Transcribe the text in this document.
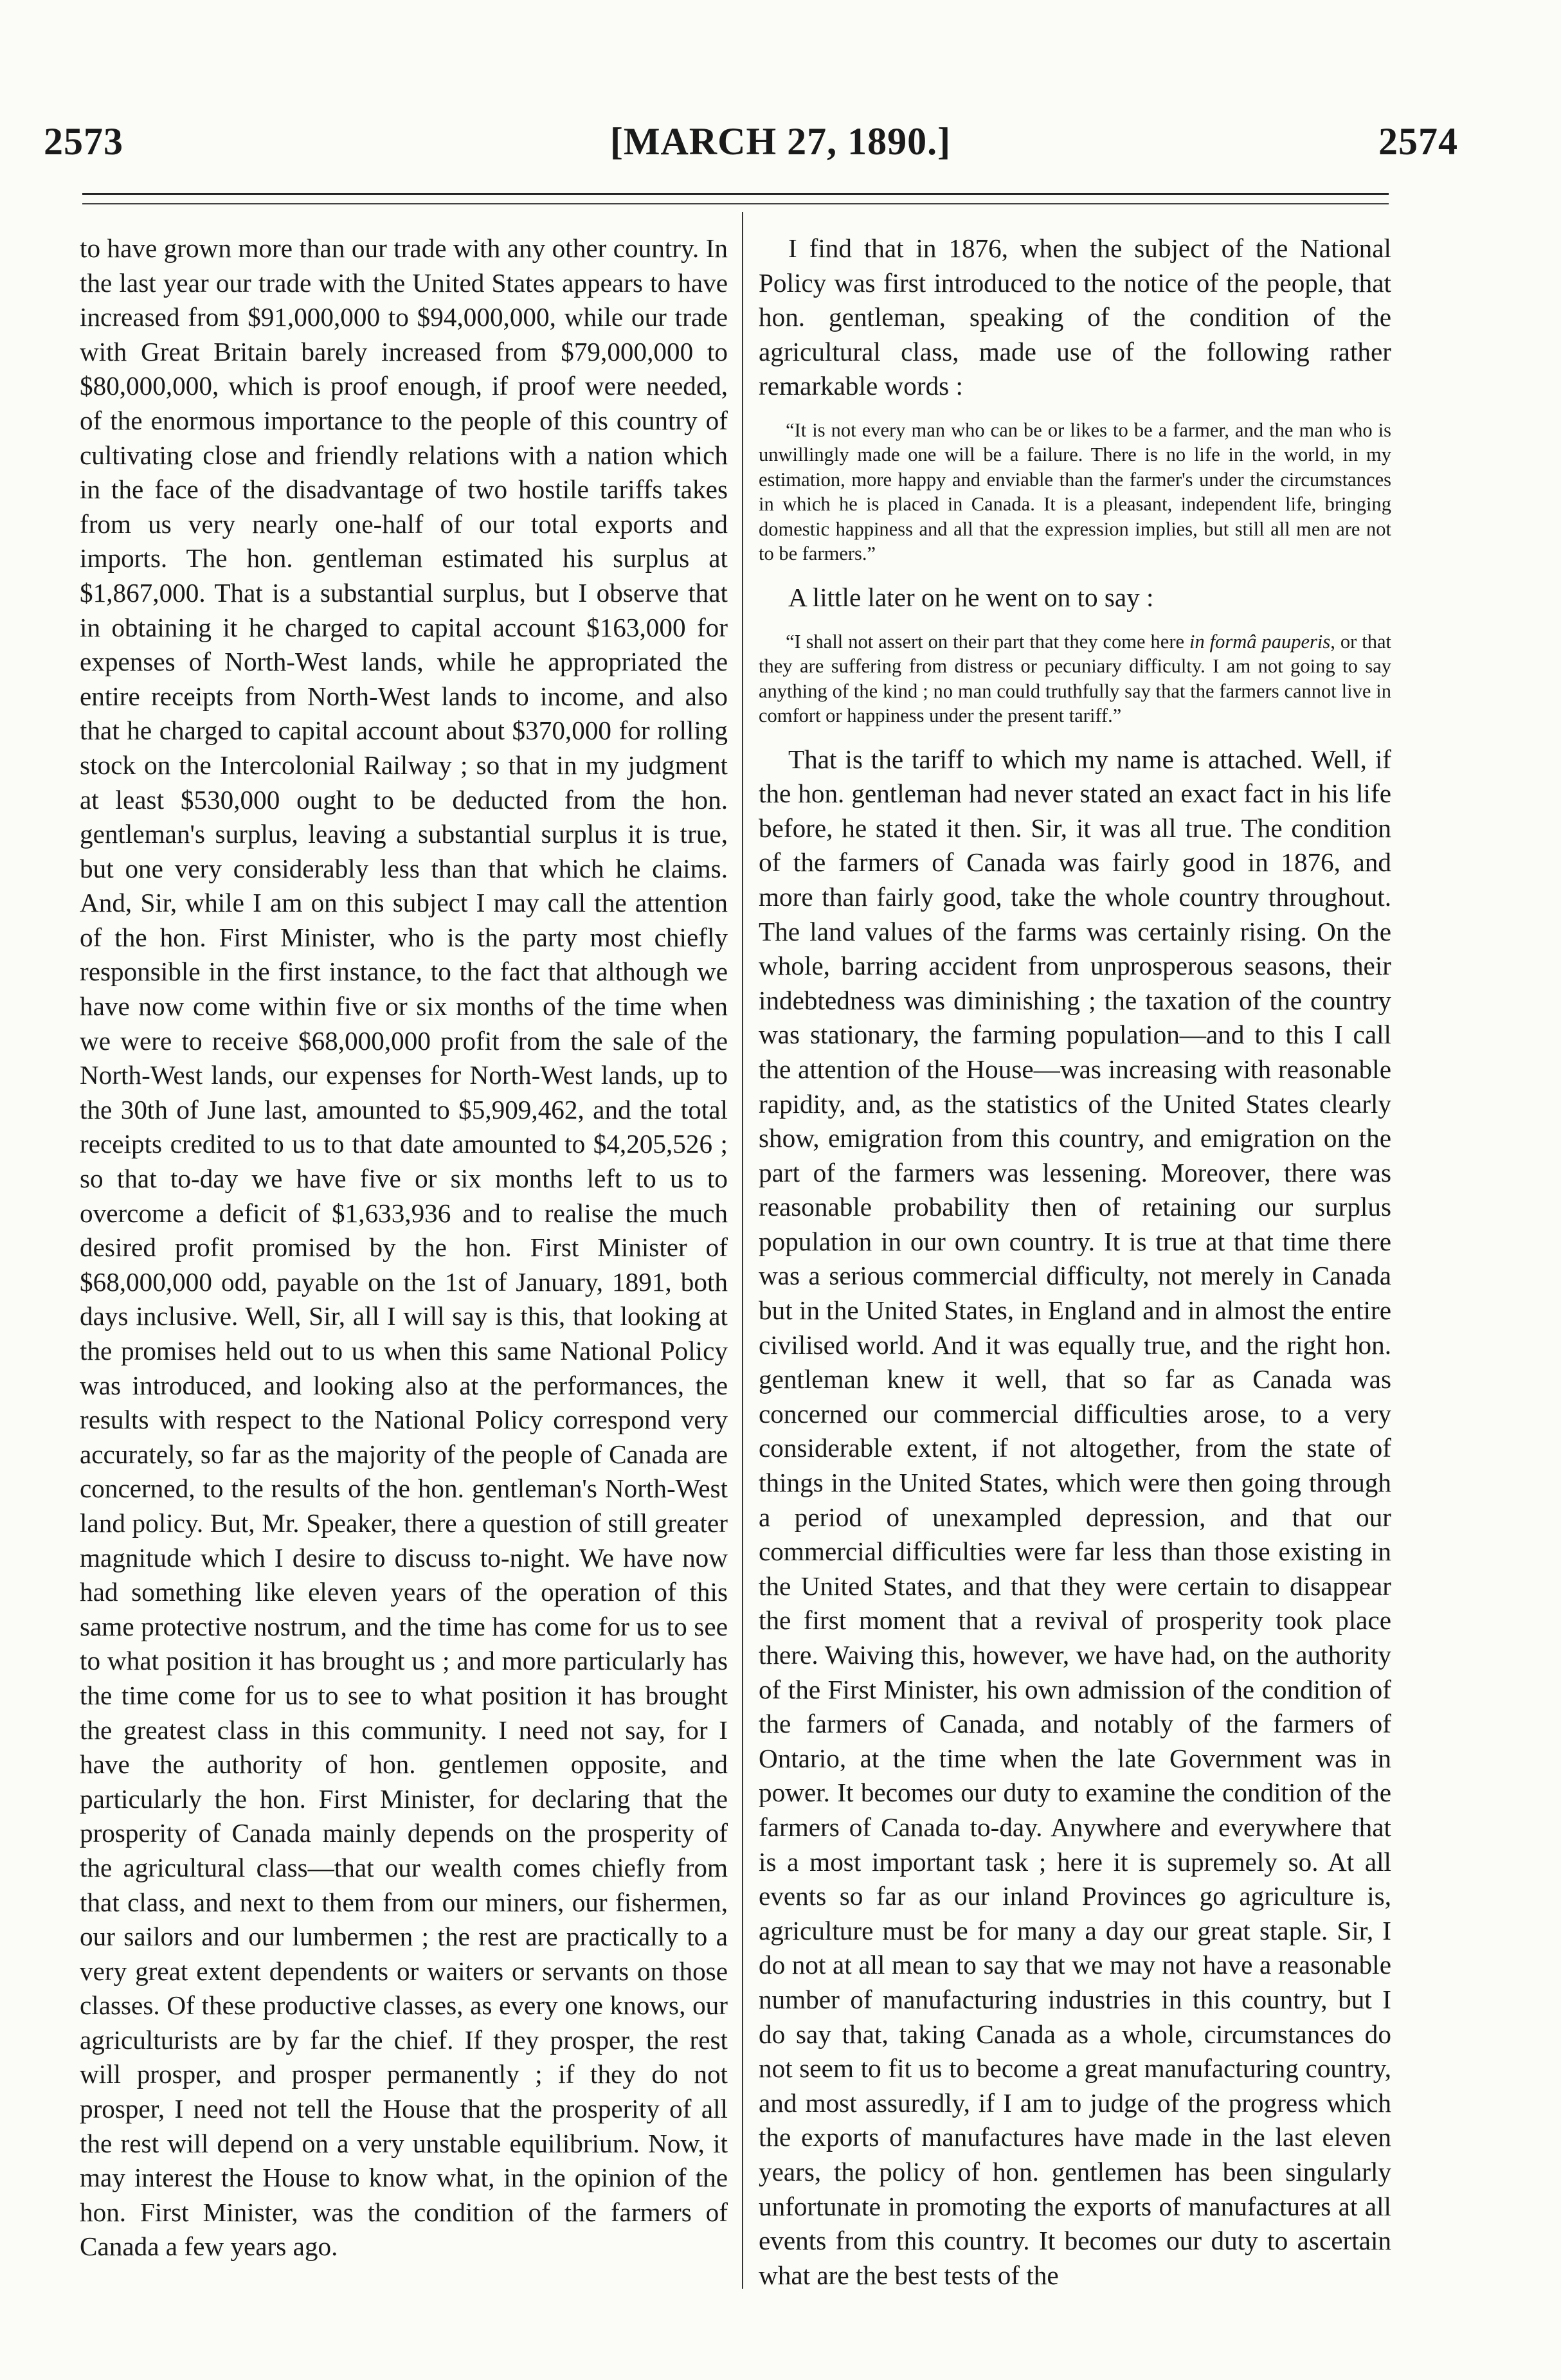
2573	[MARCH 27, 1890.]	2574

to have grown more than our trade with any other country. In the last year our trade with the United States appears to have increased from $91,000,000 to $94,000,000, while our trade with Great Britain barely increased from $79,000,000 to $80,000,000, which is proof enough, if proof were needed, of the enormous importance to the people of this country of cultivating close and friendly relations with a nation which in the face of the disadvantage of two hostile tariffs takes from us very nearly one-half of our total exports and imports. The hon. gentleman estimated his surplus at $1,867,000. That is a substantial surplus, but I observe that in obtaining it he charged to capital account $163,000 for expenses of North-West lands, while he appropriated the entire receipts from North-West lands to income, and also that he charged to capital account about $370,000 for rolling stock on the Intercolonial Railway ; so that in my judgment at least $530,000 ought to be deducted from the hon. gentleman's surplus, leaving a substantial surplus it is true, but one very considerably less than that which he claims. And, Sir, while I am on this subject I may call the attention of the hon. First Minister, who is the party most chiefly responsible in the first instance, to the fact that although we have now come within five or six months of the time when we were to receive $68,000,000 profit from the sale of the North-West lands, our expenses for North-West lands, up to the 30th of June last, amounted to $5,909,462, and the total receipts credited to us to that date amounted to $4,205,526 ; so that to-day we have five or six months left to us to overcome a deficit of $1,633,936 and to realise the much desired profit promised by the hon. First Minister of $68,000,000 odd, payable on the 1st of January, 1891, both days inclusive. Well, Sir, all I will say is this, that looking at the promises held out to us when this same National Policy was introduced, and looking also at the performances, the results with respect to the National Policy correspond very accurately, so far as the majority of the people of Canada are concerned, to the results of the hon. gentleman's North-West land policy. But, Mr. Speaker, there a question of still greater magnitude which I desire to discuss to-night. We have now had something like eleven years of the operation of this same protective nostrum, and the time has come for us to see to what position it has brought us ; and more particularly has the time come for us to see to what position it has brought the greatest class in this community. I need not say, for I have the authority of hon. gentlemen opposite, and particularly the hon. First Minister, for declaring that the prosperity of Canada mainly depends on the prosperity of the agricultural class—that our wealth comes chiefly from that class, and next to them from our miners, our fishermen, our sailors and our lumbermen ; the rest are practically to a very great extent dependents or waiters or servants on those classes. Of these productive classes, as every one knows, our agriculturists are by far the chief. If they prosper, the rest will prosper, and prosper permanently ; if they do not prosper, I need not tell the House that the prosperity of all the rest will depend on a very unstable equilibrium. Now, it may interest the House to know what, in the opinion of the hon. First Minister, was the condition of the farmers of Canada a few years ago.

I find that in 1876, when the subject of the National Policy was first introduced to the notice of the people, that hon. gentleman, speaking of the condition of the agricultural class, made use of the following rather remarkable words :

“It is not every man who can be or likes to be a farmer, and the man who is unwillingly made one will be a failure. There is no life in the world, in my estimation, more happy and enviable than the farmer's under the circumstances in which he is placed in Canada. It is a pleasant, independent life, bringing domestic happiness and all that the expression implies, but still all men are not to be farmers.”

A little later on he went on to say :

“I shall not assert on their part that they come here in formâ pauperis, or that they are suffering from distress or pecuniary difficulty. I am not going to say anything of the kind ; no man could truthfully say that the farmers cannot live in comfort or happiness under the present tariff.”

That is the tariff to which my name is attached. Well, if the hon. gentleman had never stated an exact fact in his life before, he stated it then. Sir, it was all true. The condition of the farmers of Canada was fairly good in 1876, and more than fairly good, take the whole country throughout. The land values of the farms was certainly rising. On the whole, barring accident from unprosperous seasons, their indebtedness was diminishing ; the taxation of the country was stationary, the farming population—and to this I call the attention of the House—was increasing with reasonable rapidity, and, as the statistics of the United States clearly show, emigration from this country, and emigration on the part of the farmers was lessening. Moreover, there was reasonable probability then of retaining our surplus population in our own country. It is true at that time there was a serious commercial difficulty, not merely in Canada but in the United States, in England and in almost the entire civilised world. And it was equally true, and the right hon. gentleman knew it well, that so far as Canada was concerned our commercial difficulties arose, to a very considerable extent, if not altogether, from the state of things in the United States, which were then going through a period of unexampled depression, and that our commercial difficulties were far less than those existing in the United States, and that they were certain to disappear the first moment that a revival of prosperity took place there. Waiving this, however, we have had, on the authority of the First Minister, his own admission of the condition of the farmers of Canada, and notably of the farmers of Ontario, at the time when the late Government was in power. It becomes our duty to examine the condition of the farmers of Canada to-day. Anywhere and everywhere that is a most important task ; here it is supremely so. At all events so far as our inland Provinces go agriculture is, agriculture must be for many a day our great staple. Sir, I do not at all mean to say that we may not have a reasonable number of manufacturing industries in this country, but I do say that, taking Canada as a whole, circumstances do not seem to fit us to become a great manufacturing country, and most assuredly, if I am to judge of the progress which the exports of manufactures have made in the last eleven years, the policy of hon. gentlemen has been singularly unfortunate in promoting the exports of manufactures at all events from this country. It becomes our duty to ascertain what are the best tests of the
